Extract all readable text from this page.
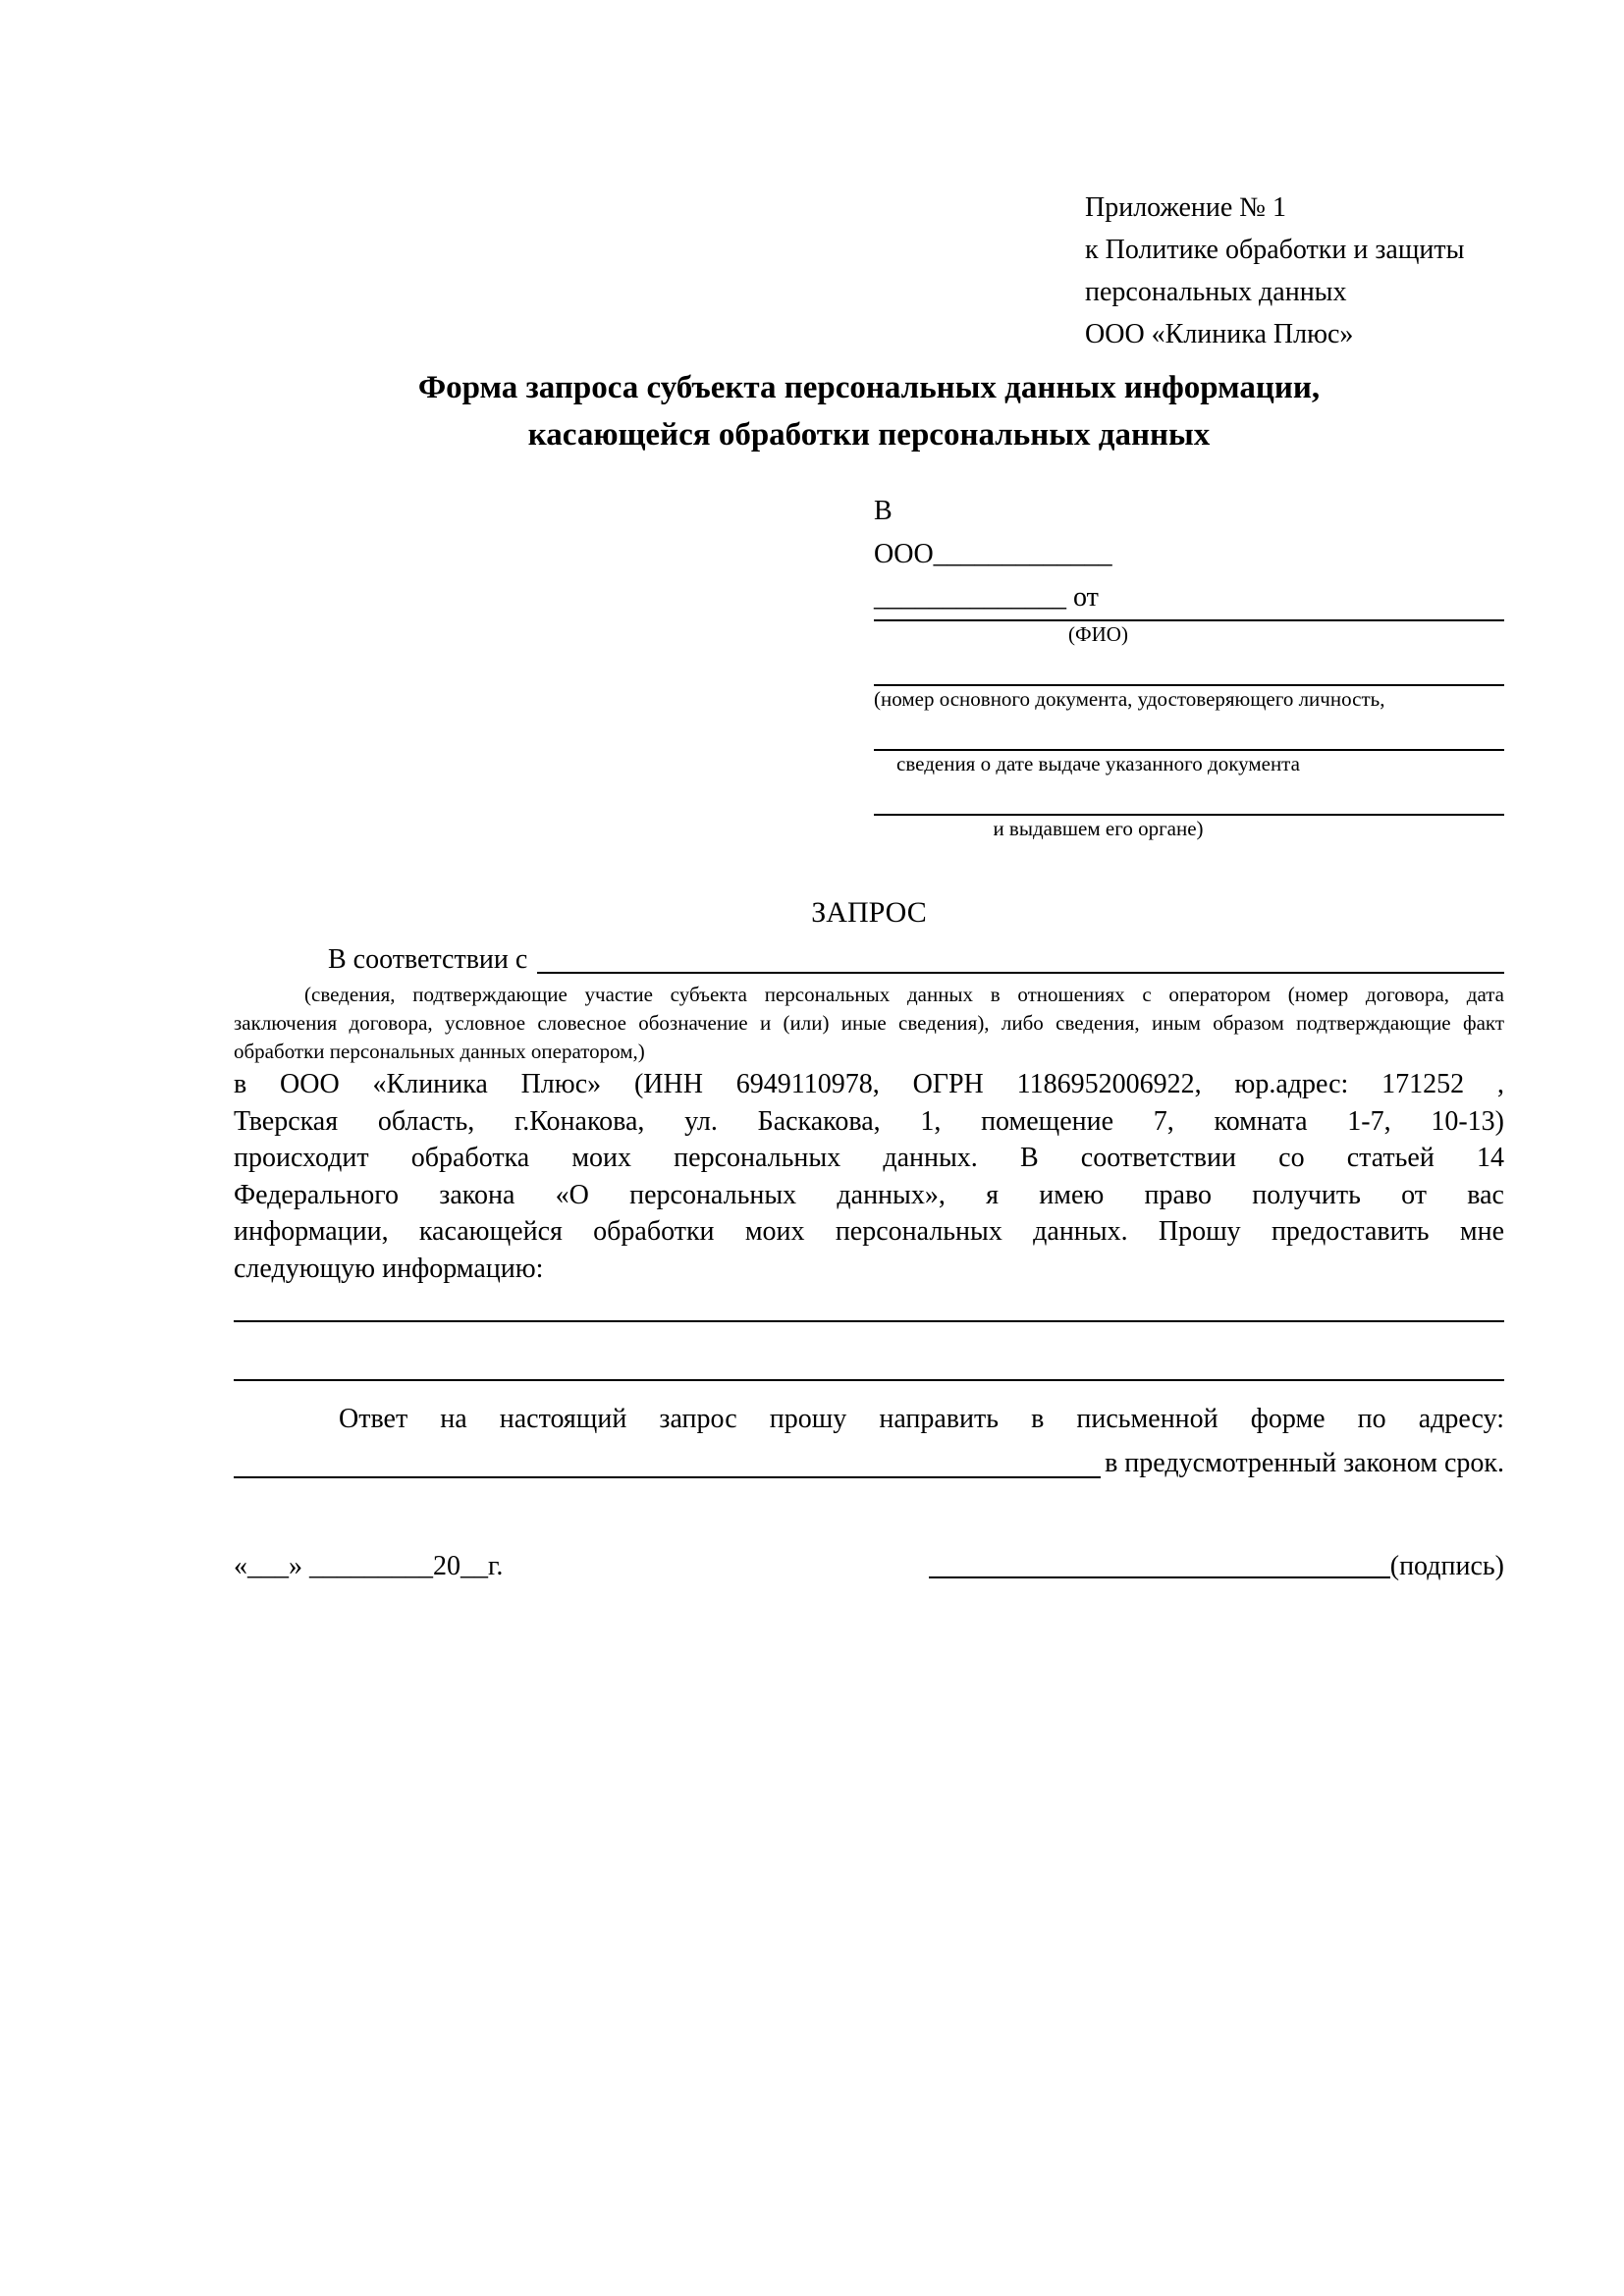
Приложение № 1
к Политике обработки и защиты
персональных данных
ООО «Клиника Плюс»
Форма запроса субъекта персональных данных информации,
касающейся обработки персональных данных
В
ООО_____________
______________ от
(ФИО)
(номер основного документа, удостоверяющего личность,
сведения о дате выдаче указанного документа
и выдавшем его органе)
ЗАПРОС
В соответствии с
(сведения, подтверждающие участие субъекта персональных данных в отношениях с оператором (номер договора, дата
заключения договора, условное словесное обозначение и (или) иные сведения), либо сведения, иным образом подтверждающие факт
обработки персональных данных оператором,)
в ООО «Клиника Плюс» (ИНН 6949110978, ОГРН 1186952006922, юр.адрес: 171252 ,
Тверская область, г.Конакова, ул. Баскакова, 1, помещение 7, комната 1-7, 10-13)
происходит обработка моих персональных данных. В соответствии со статьей 14
Федерального закона «О персональных данных», я имею право получить от вас
информации, касающейся обработки моих персональных данных. Прошу предоставить мне
следующую информацию:
Ответ на настоящий запрос прошу направить в письменной форме по адресу:
в предусмотренный законом срок.
«___» _________20__г.	(подпись)
